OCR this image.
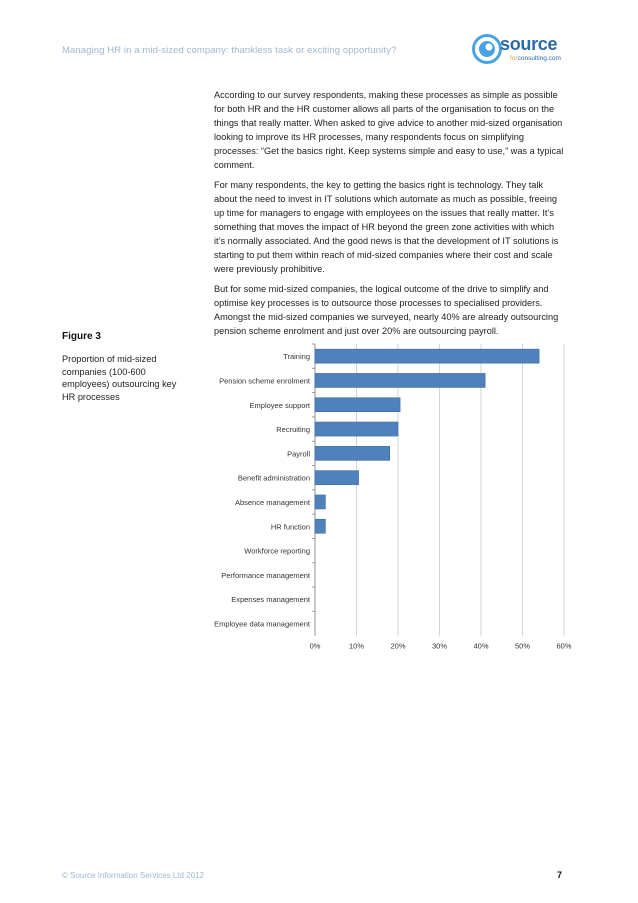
Managing HR in a mid-sized company: thankless task or exciting opportunity?	source
forconsulting.com

According to our survey respondents, making these processes as simple as possible for both HR and the HR customer allows all parts of the organisation to focus on the things that really matter. When asked to give advice to another mid-sized organisation looking to improve its HR processes, many respondents focus on simplifying processes: “Get the basics right. Keep systems simple and easy to use,” was a typical comment.

For many respondents, the key to getting the basics right is technology. They talk about the need to invest in IT solutions which automate as much as possible, freeing up time for managers to engage with employees on the issues that really matter. It’s something that moves the impact of HR beyond the green zone activities with which it’s normally associated. And the good news is that the development of IT solutions is starting to put them within reach of mid-sized companies where their cost and scale were previously prohibitive.

But for some mid-sized companies, the logical outcome of the drive to simplify and optimise key processes is to outsource those processes to specialised providers. Amongst the mid-sized companies we surveyed, nearly 40% are already outsourcing pension scheme enrolment and just over 20% are outsourcing payroll.

Figure 3
Proportion of mid-sized companies (100-600 employees) outsourcing key HR processes
0%	10%	20%	30%	40%	50%	60%
Training
Pension scheme enrolment
Employee support
Recruiting
Payroll
Benefit administration
Absence management
HR function
Workforce reporting
Performance management
Expenses management
Employee data management
© Source Information Services Ltd 2012	7
